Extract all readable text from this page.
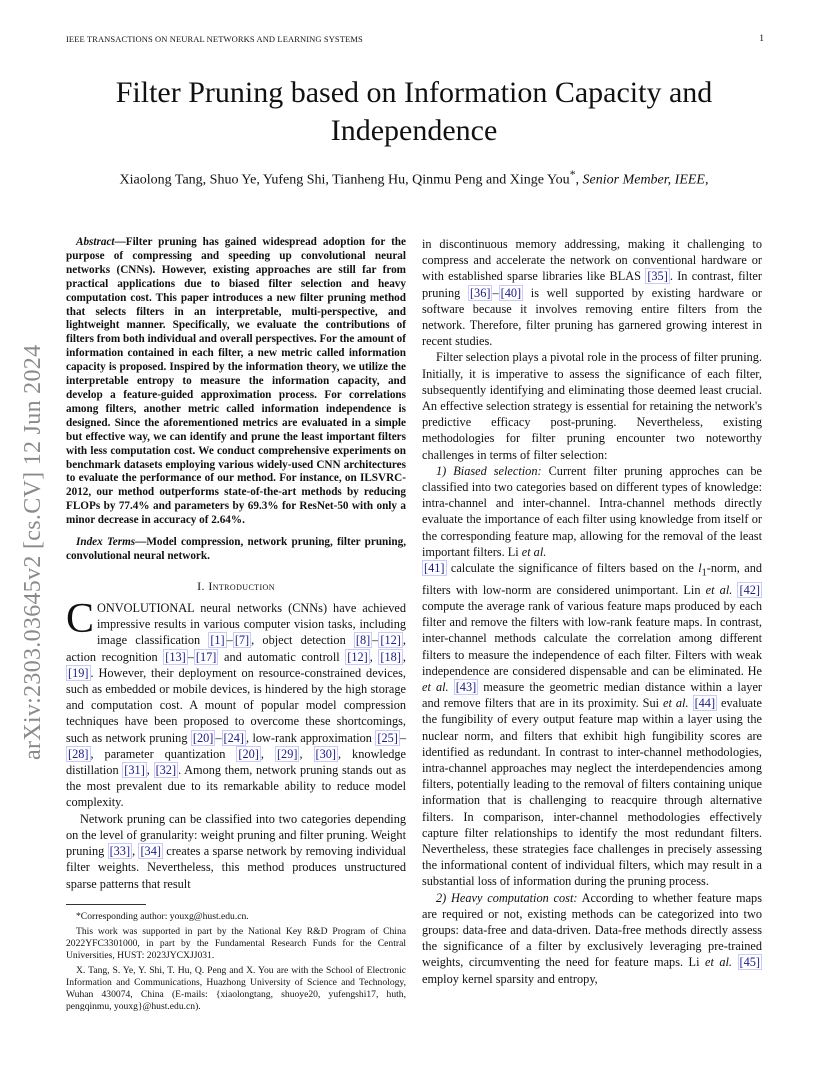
IEEE TRANSACTIONS ON NEURAL NETWORKS AND LEARNING SYSTEMS	1
arXiv:2303.03645v2 [cs.CV] 12 Jun 2024
Filter Pruning based on Information Capacity and Independence
Xiaolong Tang, Shuo Ye, Yufeng Shi, Tianheng Hu, Qinmu Peng and Xinge You*, Senior Member, IEEE,

Abstract—Filter pruning has gained widespread adoption for the purpose of compressing and speeding up convolutional neural networks (CNNs). However, existing approaches are still far from practical applications due to biased filter selection and heavy computation cost. This paper introduces a new filter pruning method that selects filters in an interpretable, multi-perspective, and lightweight manner. Specifically, we evaluate the contributions of filters from both individual and overall perspectives. For the amount of information contained in each filter, a new metric called information capacity is proposed. Inspired by the information theory, we utilize the interpretable entropy to measure the information capacity, and develop a feature-guided approximation process. For correlations among filters, another metric called information independence is designed. Since the aforementioned metrics are evaluated in a simple but effective way, we can identify and prune the least important filters with less computation cost. We conduct comprehensive experiments on benchmark datasets employing various widely-used CNN architectures to evaluate the performance of our method. For instance, on ILSVRC-2012, our method outperforms state-of-the-art methods by reducing FLOPs by 77.4% and parameters by 69.3% for ResNet-50 with only a minor decrease in accuracy of 2.64%.

Index Terms—Model compression, network pruning, filter pruning, convolutional neural network.

I. Introduction

CONVOLUTIONAL neural networks (CNNs) have achieved impressive results in various computer vision tasks, including image classification [1] – [7] , object detection [8] – [12] , action recognition [13] – [17] and automatic controll [12] , [18] , [19] . However, their deployment on resource-constrained devices, such as embedded or mobile devices, is hindered by the high storage and computation cost. A mount of popular model compression techniques have been proposed to overcome these shortcomings, such as network pruning [20] – [24] , low-rank approximation [25] –[28] , parameter quantization [20] , [29] , [30] , knowledge distillation [31] , [32] . Among them, network pruning stands out as the most prevalent due to its remarkable ability to reduce model complexity.

Network pruning can be classified into two categories depending on the level of granularity: weight pruning and filter pruning. Weight pruning [33] , [34] creates a sparse network by removing individual filter weights. Nevertheless, this method produces unstructured sparse patterns that result

*Corresponding author: youxg@hust.edu.cn.

This work was supported in part by the National Key R&D Program of China 2022YFC3301000, in part by the Fundamental Research Funds for the Central Universities, HUST: 2023JYCXJJ031.

X. Tang, S. Ye, Y. Shi, T. Hu, Q. Peng and X. You are with the School of Electronic Information and Communications, Huazhong University of Science and Technology, Wuhan 430074, China (E-mails: {xiaolongtang, shuoye20, yufengshi17, huth, pengqinmu, youxg}@hust.edu.cn).

in discontinuous memory addressing, making it challenging to compress and accelerate the network on conventional hardware or with established sparse libraries like BLAS [35] . In contrast, filter pruning [36] – [40] is well supported by existing hardware or software because it involves removing entire filters from the network. Therefore, filter pruning has garnered growing interest in recent studies.

Filter selection plays a pivotal role in the process of filter pruning. Initially, it is imperative to assess the significance of each filter, subsequently identifying and eliminating those deemed least crucial. An effective selection strategy is essential for retaining the network's predictive efficacy post-pruning. Nevertheless, existing methodologies for filter pruning encounter two noteworthy challenges in terms of filter selection:

1) Biased selection: Current filter pruning approches can be classified into two categories based on different types of knowledge: intra-channel and inter-channel. Intra-channel methods directly evaluate the importance of each filter using knowledge from itself or the corresponding feature map, allowing for the removal of the least important filters. Li et al.
[41] calculate the significance of filters based on the $l_1$-norm, and filters with low-norm are considered unimportant. Lin et al. [42] compute the average rank of various feature maps produced by each filter and remove the filters with low-rank feature maps. In contrast, inter-channel methods calculate the correlation among different filters to measure the independence of each filter. Filters with weak independence are considered dispensable and can be eliminated. He et al. [43] measure the geometric median distance within a layer and remove filters that are in its proximity. Sui et al. [44] evaluate the fungibility of every output feature map within a layer using the nuclear norm, and filters that exhibit high fungibility scores are identified as redundant. In contrast to inter-channel methodologies, intra-channel approaches may neglect the interdependencies among filters, potentially leading to the removal of filters containing unique information that is challenging to reacquire through alternative filters. In comparison, inter-channel methodologies effectively capture filter relationships to identify the most redundant filters. Nevertheless, these strategies face challenges in precisely assessing the informational content of individual filters, which may result in a substantial loss of information during the pruning process.

2) Heavy computation cost: According to whether feature maps are required or not, existing methods can be categorized into two groups: data-free and data-driven. Data-free methods directly assess the significance of a filter by exclusively leveraging pre-trained weights, circumventing the need for feature maps. Li et al. [45] employ kernel sparsity and entropy,
